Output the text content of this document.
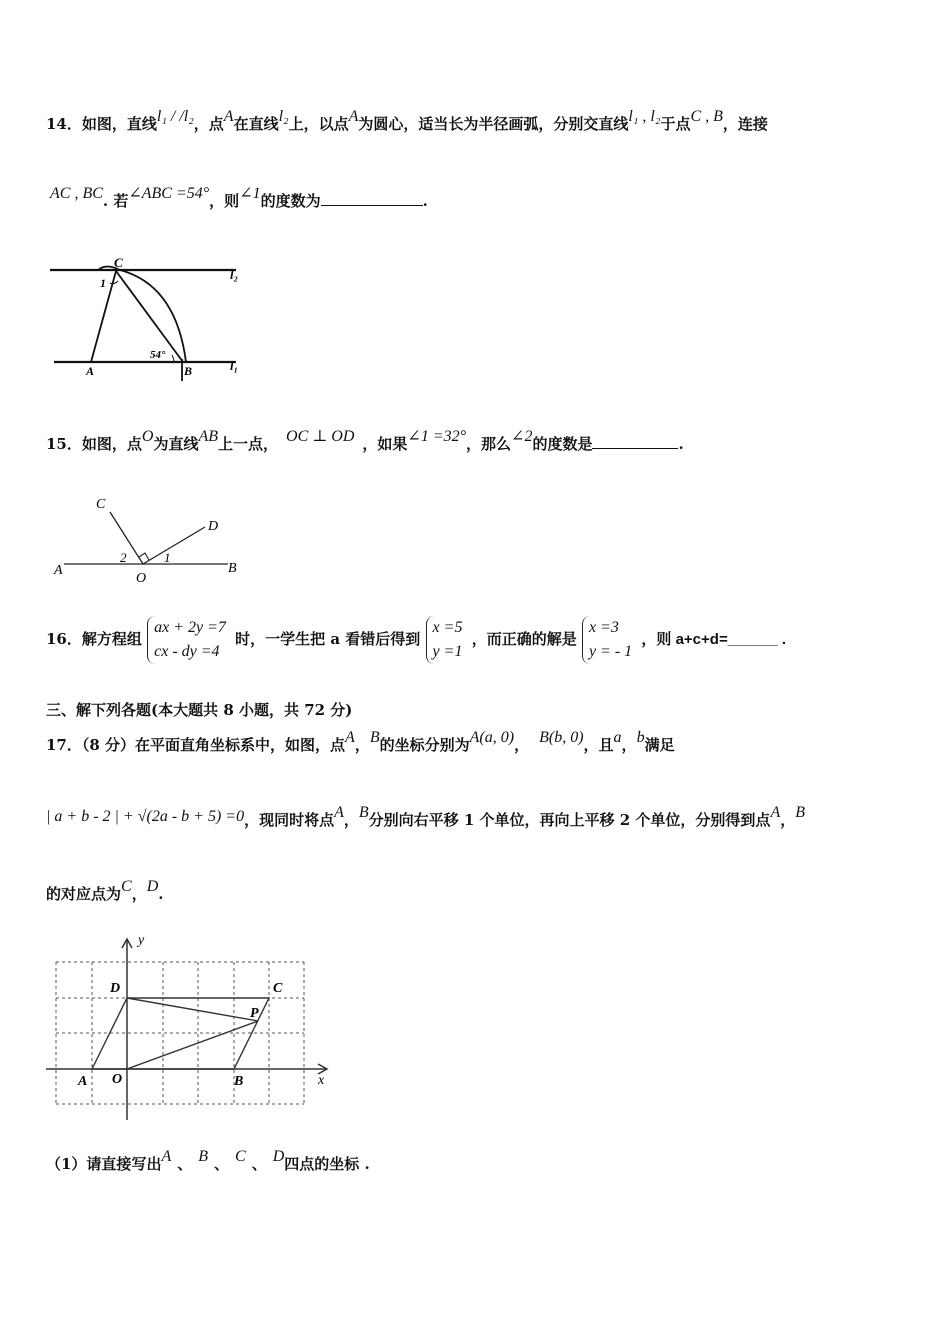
14．如图，直线l₁ / /l₂，点A在直线l₂上，以点A为圆心，适当长为半径画弧，分别交直线l₁ , l₂于点C , B，连接
AC , BC. 若∠ABC =54°，则∠1的度数为	.
C
1
54°
A	B	l₁
l₂
15．如图，点O为直线AB上一点， OC ⊥ OD ，如果∠1 =32°，那么∠2的度数是	.
C
D
A	B
O
2	1
16．解方程组 ax + 2y =7
cx - dy =4 时，一学生把 a 看错后得到 x =5
y =1 ，而正确的解是 x =3
y = - 1 ，则 a+c+d=______ .
三、解下列各题(本大题共 8 小题，共 72 分)
17．（8 分）在平面直角坐标系中，如图，点A，B的坐标分别为A(a, 0)， B(b, 0)，且a，b满足
| a + b - 2 | + √(2a - b + 5) =0，现同时将点A，B分别向右平移 1 个单位，再向上平移 2 个单位，分别得到点A，B
的对应点为C，D.
y
x
D	C
P
A O	B
（1）请直接写出A 、 B 、 C 、 D四点的坐标 .
